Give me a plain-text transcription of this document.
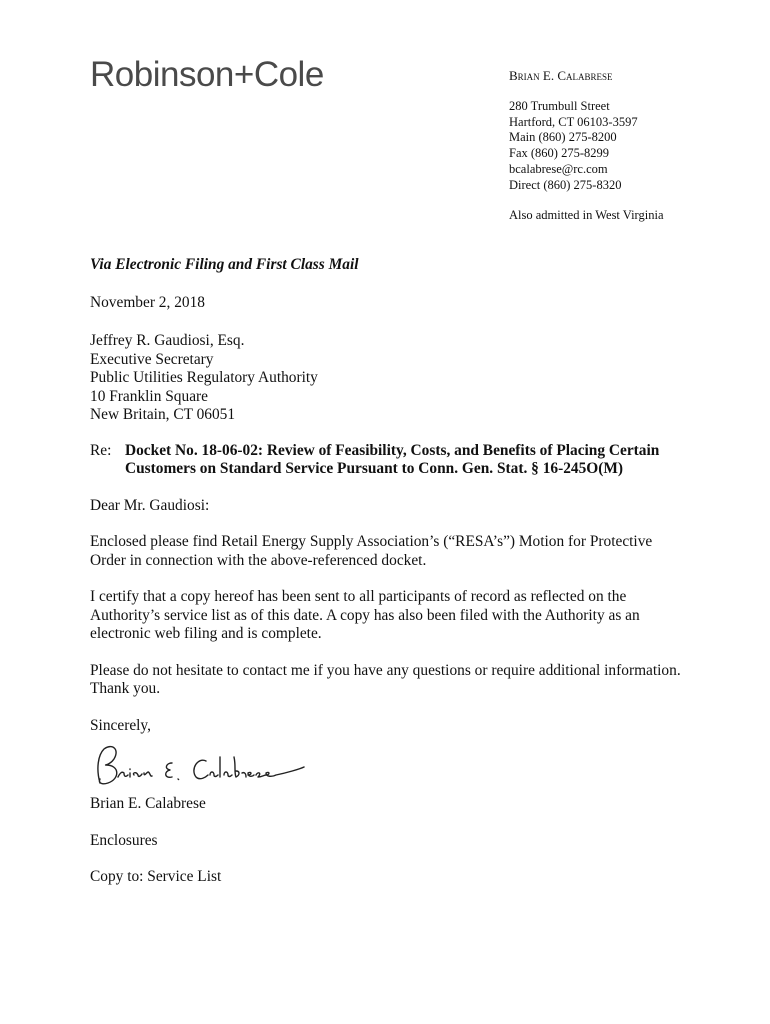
Robinson+Cole	Brian E. Calabrese
280 Trumbull Street
Hartford, CT 06103-3597
Main (860) 275-8200
Fax (860) 275-8299
bcalabrese@rc.com
Direct (860) 275-8320
Also admitted in West Virginia

Via Electronic Filing and First Class Mail

November 2, 2018

Jeffrey R. Gaudiosi, Esq.

Executive Secretary

Public Utilities Regulatory Authority

10 Franklin Square

New Britain, CT 06051

Re: Docket No. 18-06-02: Review of Feasibility, Costs, and Benefits of Placing Certain
Customers on Standard Service Pursuant to Conn. Gen. Stat. § 16-245O(M)

Dear Mr. Gaudiosi:

Enclosed please find Retail Energy Supply Association’s (“RESA’s”) Motion for Protective Order in connection with the above-referenced docket.

I certify that a copy hereof has been sent to all participants of record as reflected on the Authority’s service list as of this date. A copy has also been filed with the Authority as an electronic web filing and is complete.

Please do not hesitate to contact me if you have any questions or require additional information. Thank you.

Sincerely,

Brian E. Calabrese

Enclosures

Copy to: Service List
